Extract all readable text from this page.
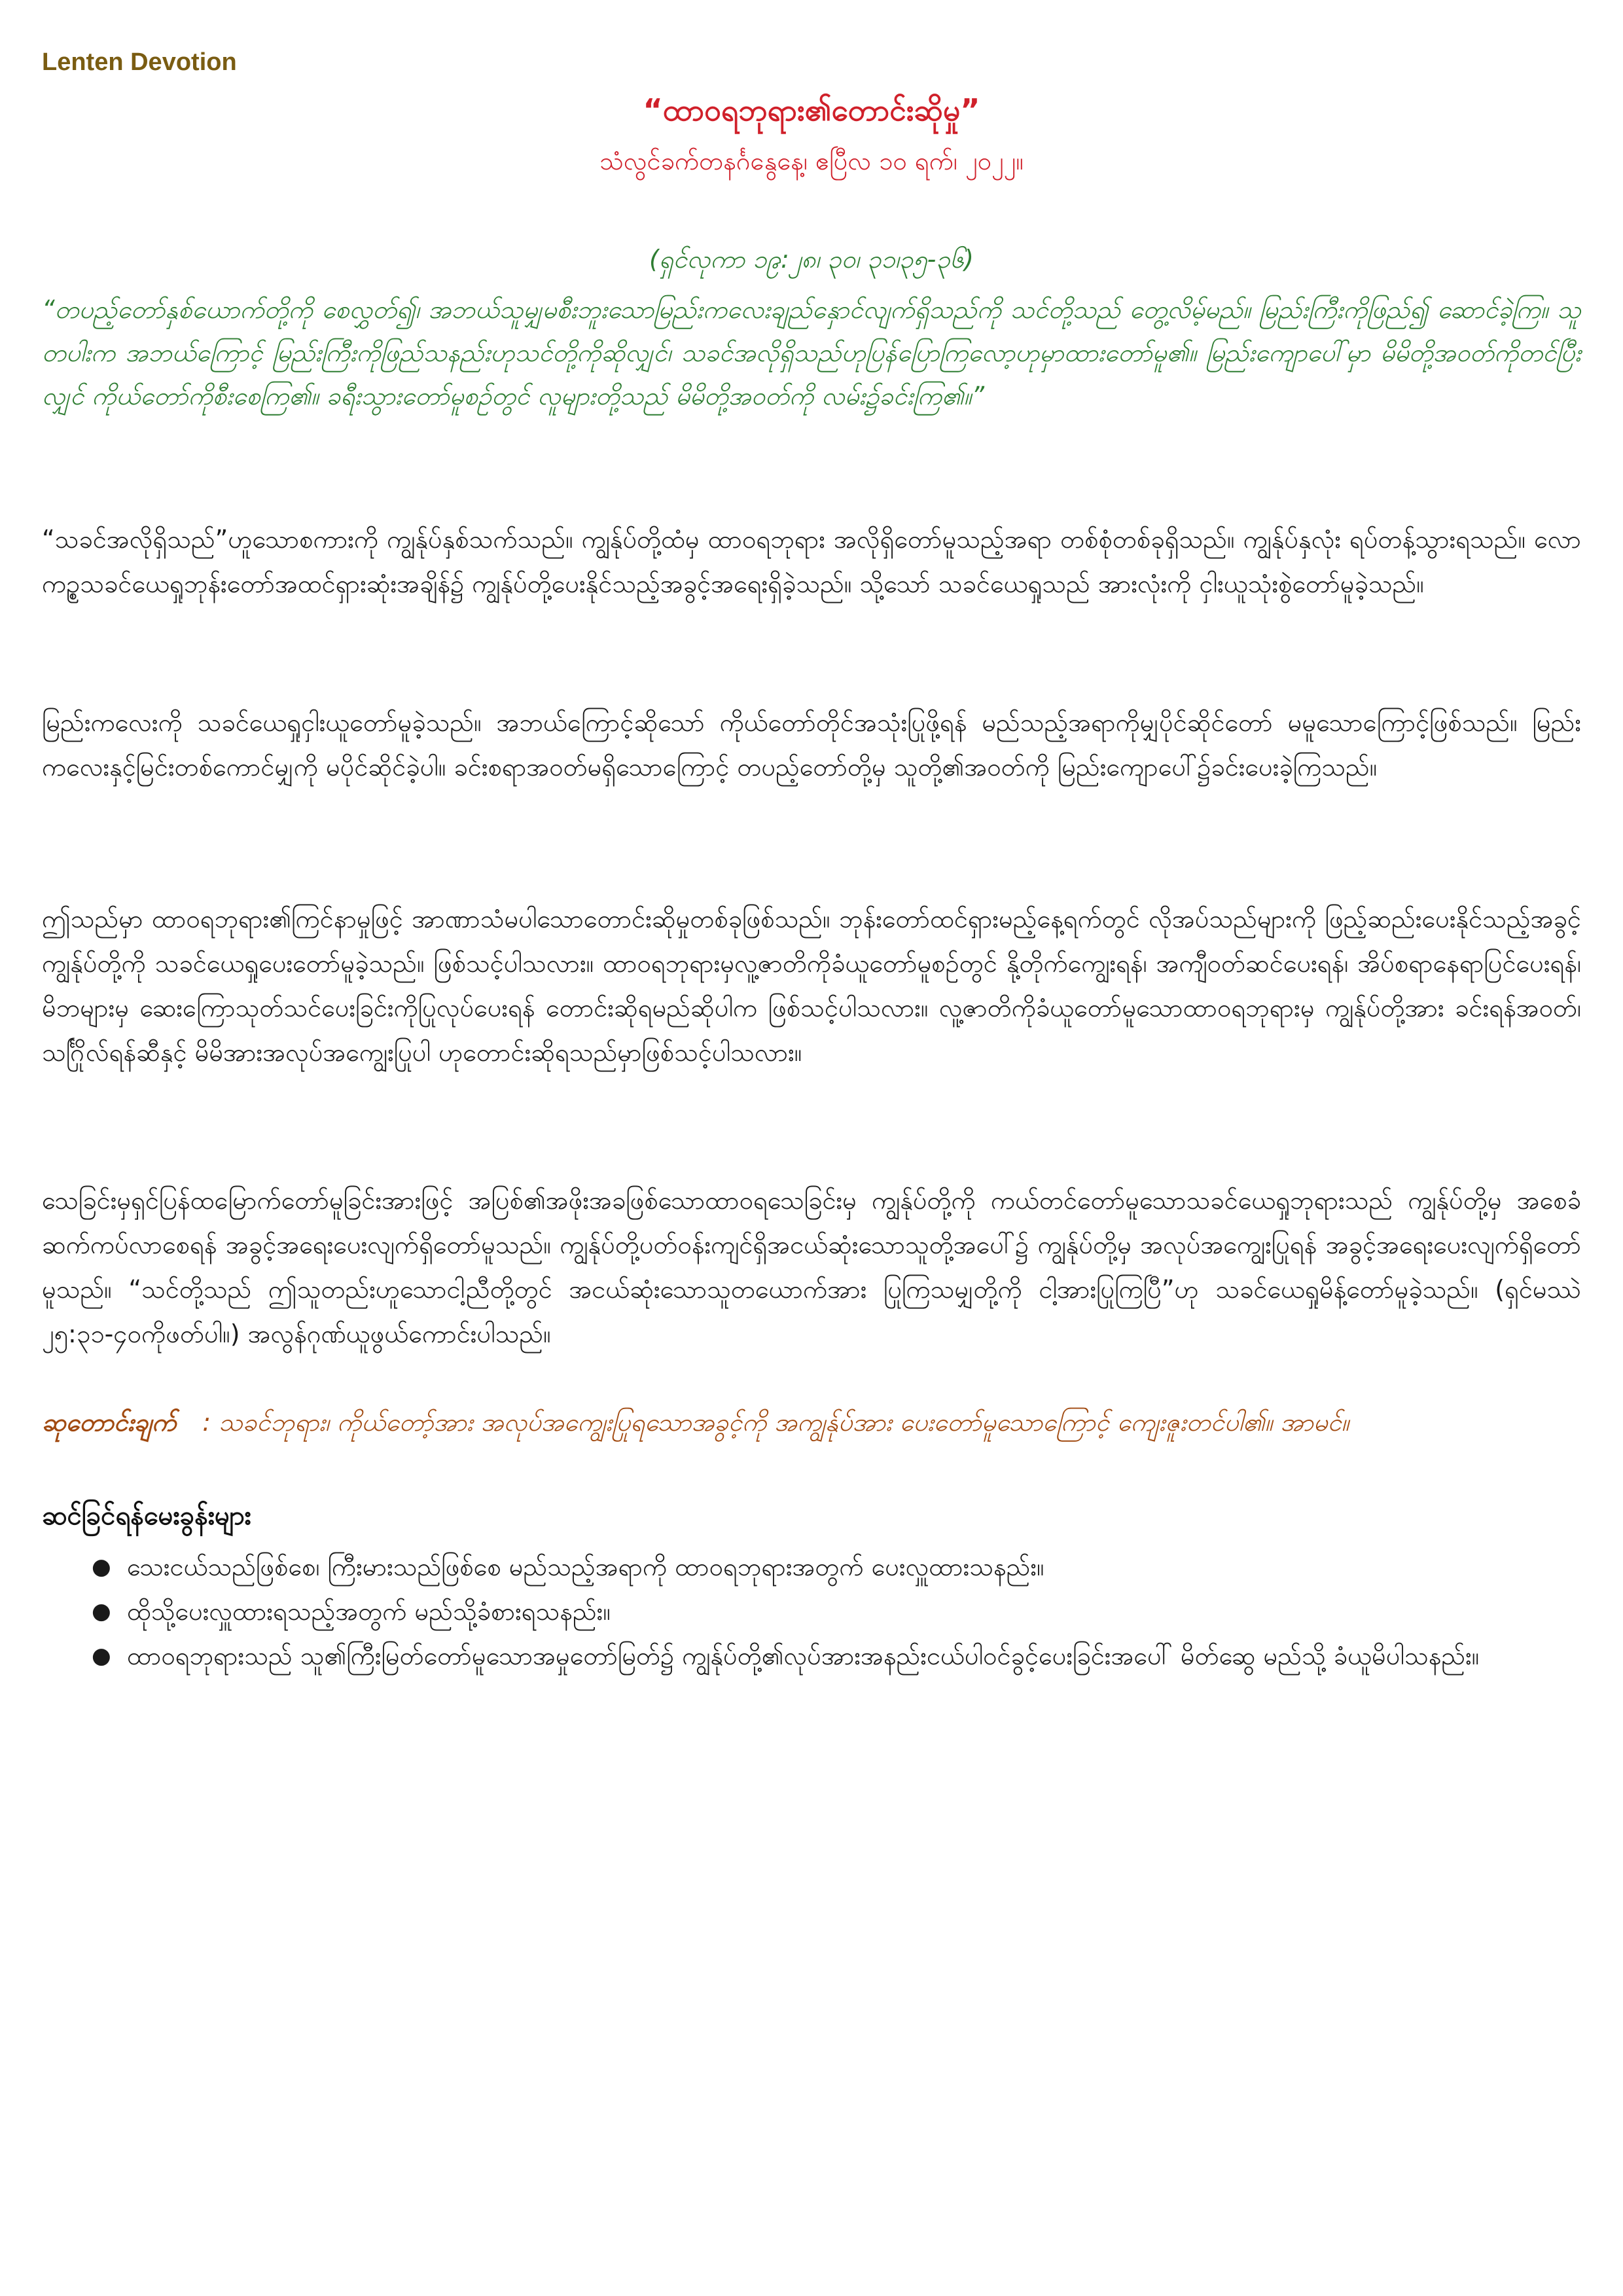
Lenten Devotion
“ထာဝရဘုရား၏တောင်းဆိုမှု”
သံလွင်ခက်တနင်္ဂနွေနေ့၊ ဧပြီလ ၁၀ ရက်၊ ၂၀၂၂။
(ရှင်လုကာ ၁၉:၂၈၊ ၃၀၊ ၃၁၊၃၅-၃၆)
“တပည့်တော်နှစ်ယောက်တို့ကို စေလွှတ်၍၊ အဘယ်သူမျှမစီးဘူးသောမြည်းကလေးချည်နှောင်လျက်ရှိသည်ကို သင်တို့သည် တွေ့လိမ့်မည်။ မြည်းကြီးကိုဖြည်၍ ဆောင်ခဲ့ကြ။ သူတပါးက အဘယ်ကြောင့် မြည်းကြီးကိုဖြည်သနည်းဟုသင်တို့ကိုဆိုလျှင်၊ သခင်အလိုရှိသည်ဟုပြန်ပြောကြလော့ဟုမှာထားတော်မူ၏။ မြည်းကျောပေါ်မှာ မိမိတို့အဝတ်ကိုတင်ပြီးလျှင် ကိုယ်တော်ကိုစီးစေကြ၏။ ခရီးသွားတော်မူစဉ်တွင် လူများတို့သည် မိမိတို့အဝတ်ကို လမ်း၌ခင်းကြ၏။”
“သခင်အလိုရှိသည်”ဟူသောစကားကို ကျွန်ုပ်နှစ်သက်သည်။ ကျွန်ုပ်တို့ထံမှ ထာဝရဘုရား အလိုရှိတော်မူသည့်အရာ တစ်စုံတစ်ခုရှိသည်။ ကျွန်ုပ်နှလုံး ရပ်တန့်သွားရသည်။ လောကဥ္စသခင်ယေရှုဘုန်းတော်အထင်ရှားဆုံးအချိန်၌ ကျွန်ုပ်တို့ပေးနိုင်သည့်အခွင့်အရေးရှိခဲ့သည်။ သို့သော် သခင်ယေရှုသည် အားလုံးကို ငှါးယူသုံးစွဲတော်မူခဲ့သည်။
မြည်းကလေးကို သခင်ယေရှုငှါးယူတော်မူခဲ့သည်။ အဘယ်ကြောင့်ဆိုသော် ကိုယ်တော်တိုင်အသုံးပြုဖို့ရန် မည်သည့်အရာကိုမျှပိုင်ဆိုင်တော် မမူသောကြောင့်ဖြစ်သည်။ မြည်းကလေးနှင့်မြင်းတစ်ကောင်မျှကို မပိုင်ဆိုင်ခဲ့ပါ။ ခင်းစရာအဝတ်မရှိသောကြောင့် တပည့်တော်တို့မှ သူတို့၏အဝတ်ကို မြည်းကျောပေါ်၌ခင်းပေးခဲ့ကြသည်။
ဤသည်မှာ ထာဝရဘုရား၏ကြင်နာမှုဖြင့် အာဏာသံမပါသောတောင်းဆိုမှုတစ်ခုဖြစ်သည်။ ဘုန်းတော်ထင်ရှားမည့်နေ့ရက်တွင် လိုအပ်သည်များကို ဖြည့်ဆည်းပေးနိုင်သည့်အခွင့်ကျွန်ုပ်တို့ကို သခင်ယေရှုပေးတော်မူခဲ့သည်။ ဖြစ်သင့်ပါသလား။ ထာဝရဘုရားမှလူ့ဇာတိကိုခံယူတော်မူစဉ်တွင် နို့တိုက်ကျွေးရန်၊ အကျီဝတ်ဆင်ပေးရန်၊ အိပ်စရာနေရာပြင်ပေးရန်၊ မိဘများမှ ဆေးကြောသုတ်သင်ပေးခြင်းကိုပြုလုပ်ပေးရန် တောင်းဆိုရမည်ဆိုပါက ဖြစ်သင့်ပါသလား။ လူ့ဇာတိကိုခံယူတော်မူသောထာဝရဘုရားမှ ကျွန်ုပ်တို့အား ခင်းရန်အဝတ်၊ သင်္ဂြိုလ်ရန်ဆီနှင့် မိမိအားအလုပ်အကျွေးပြုပါ ဟုတောင်းဆိုရသည်မှာဖြစ်သင့်ပါသလား။
သေခြင်းမှရှင်ပြန်ထမြောက်တော်မူခြင်းအားဖြင့် အပြစ်၏အဖိုးအခဖြစ်သောထာဝရသေခြင်းမှ ကျွန်ုပ်တို့ကို ကယ်တင်တော်မူသောသခင်ယေရှုဘုရားသည် ကျွန်ုပ်တို့မှ အစေခံဆက်ကပ်လာစေရန် အခွင့်အရေးပေးလျက်ရှိတော်မူသည်။ ကျွန်ုပ်တို့ပတ်ဝန်းကျင်ရှိအငယ်ဆုံးသောသူတို့အပေါ်၌ ကျွန်ုပ်တို့မှ အလုပ်အကျွေးပြုရန် အခွင့်အရေးပေးလျက်ရှိတော်မူသည်။ “သင်တို့သည် ဤသူတည်းဟူသောငါ့ညီတို့တွင် အငယ်ဆုံးသောသူတယောက်အား ပြုကြသမျှတို့ကို ငါ့အားပြုကြပြီ”ဟု သခင်ယေရှုမိန့်တော်မူခဲ့သည်။ (ရှင်မဿဲ ၂၅:၃၁-၄၀ကိုဖတ်ပါ။) အလွန်ဂုဏ်ယူဖွယ်ကောင်းပါသည်။
ဆုတောင်းချက် : သခင်ဘုရား၊ ကိုယ်တော့်အား အလုပ်အကျွေးပြုရသောအခွင့်ကို အကျွန်ုပ်အား ပေးတော်မူသောကြောင့် ကျေးဇူးတင်ပါ၏။ အာမင်။
ဆင်ခြင်ရန်မေးခွန်းများ
● သေးငယ်သည်ဖြစ်စေ၊ ကြီးမားသည်ဖြစ်စေ မည်သည့်အရာကို ထာဝရဘုရားအတွက် ပေးလှူထားသနည်း။
● ထိုသို့ပေးလှူထားရသည့်အတွက် မည်သို့ခံစားရသနည်း။
● ထာဝရဘုရားသည် သူ၏ကြီးမြတ်တော်မူသောအမှုတော်မြတ်၌ ကျွန်ုပ်တို့၏လုပ်အားအနည်းငယ်ပါဝင်ခွင့်ပေးခြင်းအပေါ် မိတ်ဆွေ မည်သို့ ခံယူမိပါသနည်း။
